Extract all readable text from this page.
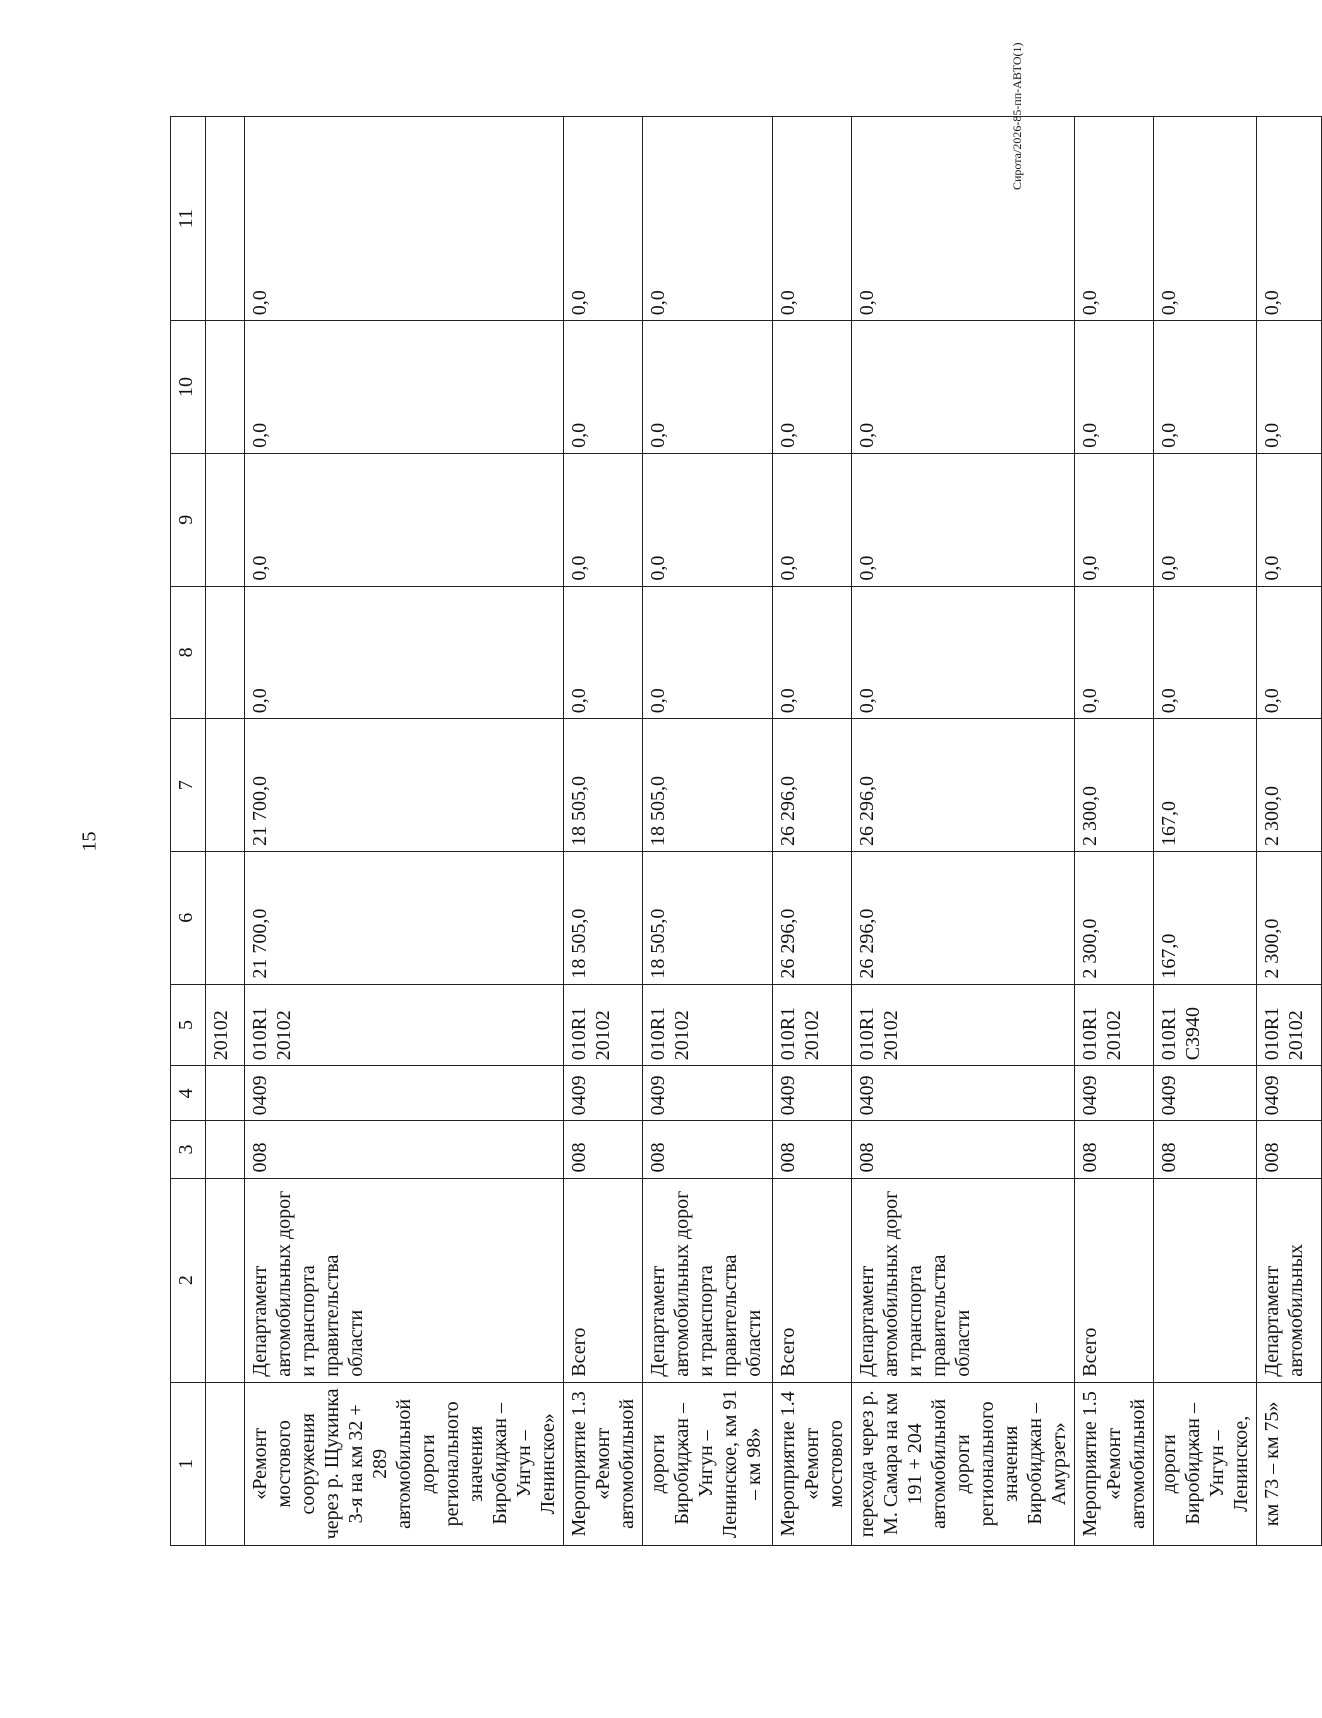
15
Сирота/2026-85-пп-АВТО(1)
1	2	3	4	5	6	7	8	9	10	11
				20102						
«Ремонт мостового сооружения через р. Щукинка 3-я на км 32 + 289 автомобильной дороги регионального значения Биробиджан – Унгун – Ленинское»	Департамент автомобильных дорог и транспорта правительства области	008	0409	010R1 20102	21 700,0	21 700,0	0,0	0,0	0,0	0,0
Мероприятие 1.3 «Ремонт автомобильной	Всего	008	0409	010R1 20102	18 505,0	18 505,0	0,0	0,0	0,0	0,0
дороги Биробиджан – Унгун – Ленинское, км 91 – км 98»	Департамент автомобильных дорог и транспорта правительства области	008	0409	010R1 20102	18 505,0	18 505,0	0,0	0,0	0,0	0,0
Мероприятие 1.4 «Ремонт мостового	Всего	008	0409	010R1 20102	26 296,0	26 296,0	0,0	0,0	0,0	0,0
перехода через р. М. Самара на км 191 + 204 автомобильной дороги регионального значения Биробиджан – Амурзет»	Департамент автомобильных дорог и транспорта правительства области	008	0409	010R1 20102	26 296,0	26 296,0	0,0	0,0	0,0	0,0
Мероприятие 1.5 «Ремонт автомобильной	Всего	008	0409	010R1 20102	2 300,0	2 300,0	0,0	0,0	0,0	0,0
дороги Биробиджан – Унгун – Ленинское,		008	0409	010R1 С3940	167,0	167,0	0,0	0,0	0,0	0,0
км 73 – км 75»	Департамент автомобильных	008	0409	010R1 20102	2 300,0	2 300,0	0,0	0,0	0,0	0,0
